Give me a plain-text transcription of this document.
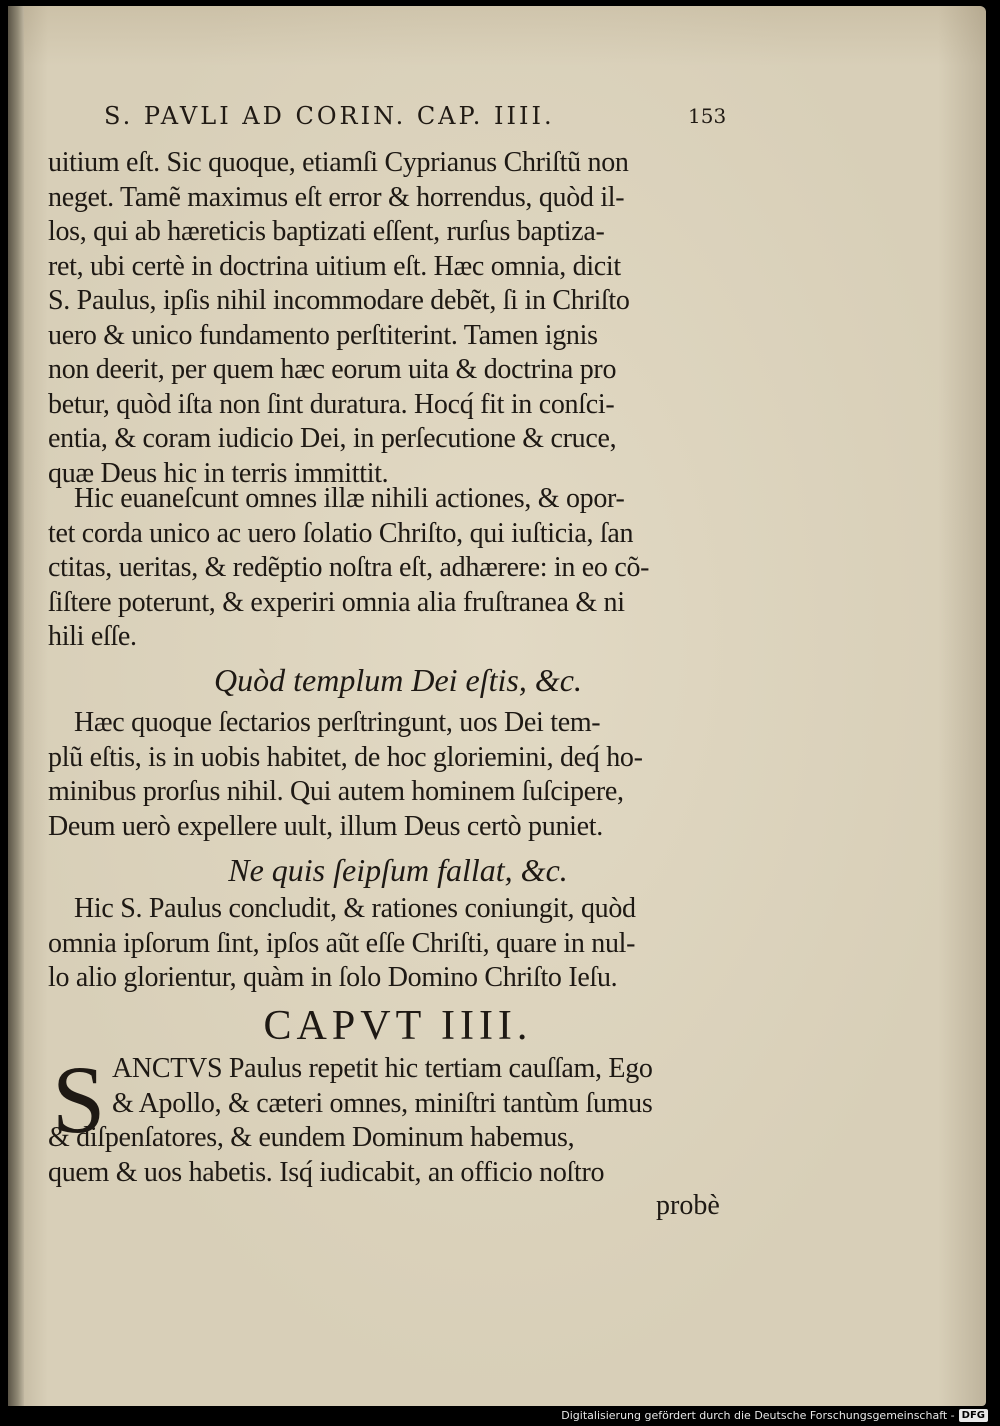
S. PAVLI AD CORIN. CAP. IIII.	153
uitium eſt. Sic quoque, etiamſi Cyprianus Chriſtũ non
neget. Tamẽ maximus eſt error & horrendus, quòd il-
los, qui ab hæreticis baptizati eſſent, rurſus baptiza-
ret, ubi certè in doctrina uitium eſt. Hæc omnia, dicit
S. Paulus, ipſis nihil incommodare debẽt, ſi in Chriſto
uero & unico fundamento perſtiterint. Tamen ignis
non deerit, per quem hæc eorum uita & doctrina pro
betur, quòd iſta non ſint duratura. Hocq́ fit in conſci-
entia, & coram iudicio Dei, in perſecutione & cruce,
quæ Deus hic in terris immittit.
Hic euaneſcunt omnes illæ nihili actiones, & opor-
tet corda unico ac uero ſolatio Chriſto, qui iuſticia, ſan
ctitas, ueritas, & redẽptio noſtra eſt, adhærere: in eo cõ-
ſiſtere poterunt, & experiri omnia alia fruſtranea & ni
hili eſſe.
Quòd templum Dei eſtis, &c.
Hæc quoque ſectarios perſtringunt, uos Dei tem-
plũ eſtis, is in uobis habitet, de hoc gloriemini, deq́ ho-
minibus prorſus nihil. Qui autem hominem ſuſcipere,
Deum uerò expellere uult, illum Deus certò puniet.
Ne quis ſeipſum fallat, &c.
Hic S. Paulus concludit, & rationes coniungit, quòd
omnia ipſorum ſint, ipſos aũt eſſe Chriſti, quare in nul-
lo alio glorientur, quàm in ſolo Domino Chriſto Ieſu.
CAPVT IIII.
S ANCTVS Paulus repetit hic tertiam cauſſam, Ego
& Apollo, & cæteri omnes, miniſtri tantùm ſumus
& diſpenſatores, & eundem Dominum habemus,
quem & uos habetis. Isq́ iudicabit, an officio noſtro
probè
Digitalisierung gefördert durch die Deutsche Forschungsgemeinschaft - DFG
